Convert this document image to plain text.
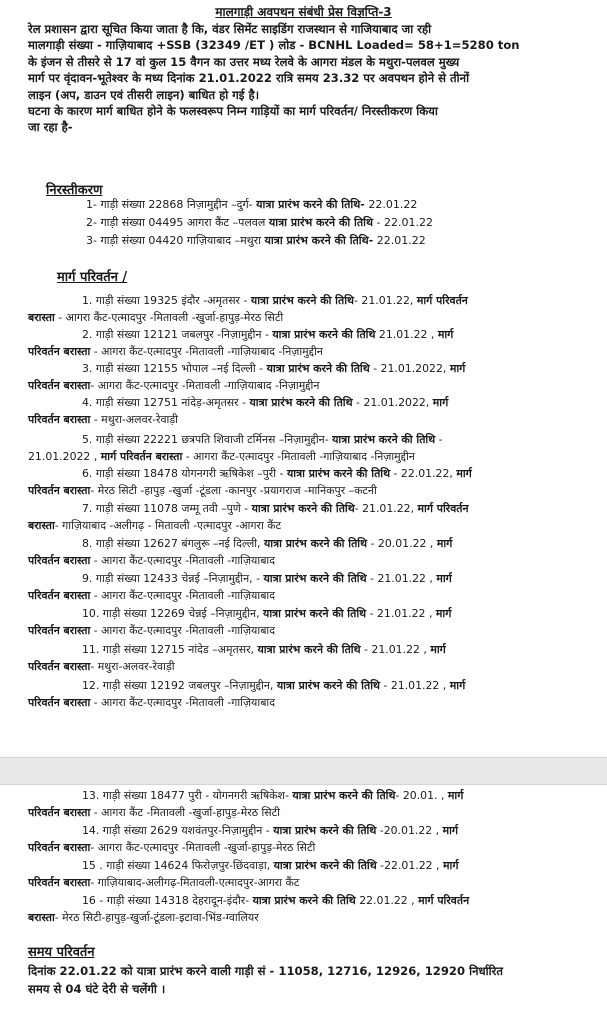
मालगाड़ी अवपथन संबंधी प्रेस विज्ञप्ति-3
रेल प्रशासन द्वारा सूचित किया जाता है कि, वंडर सिमेंट साइडिंग राजस्थान से गाजियाबाद जा रही
मालगाड़ी संख्या - गाज़ियाबाद +SSB (32349 /ET ) लोड - BCNHL Loaded= 58+1=5280 ton
के इंजन से तीसरे से 17 वां कुल 15 वैगन का उत्तर मध्य रेलवे के आगरा मंडल के मथुरा-पलवल मुख्य
मार्ग पर वृंदावन-भूतेश्वर के मध्य दिनांक 21.01.2022 रात्रि समय 23.32 पर अवपथन होने से तीनों
लाइन (अप, डाउन एवं तीसरी लाइन) बाधित हो गई है।
घटना के कारण मार्ग बाधित होने के फलस्वरूप निम्न गाड़ियों का मार्ग परिवर्तन/ निरस्तीकरण किया
जा रहा है-
निरस्तीकरण
1- गाड़ी संख्या 22868 निज़ामुद्दीन –दुर्ग- यात्रा प्रारंभ करने की तिथि- 22.01.22
2- गाड़ी संख्या 04495 आगरा कैंट –पलवल यात्रा प्रारंभ करने की तिथि - 22.01.22
3- गाड़ी संख्या 04420 गाज़ियाबाद –मथुरा यात्रा प्रारंभ करने की तिथि- 22.01.22
मार्ग परिवर्तन /
1. गाड़ी संख्या 19325 इंदौर -अमृतसर - यात्रा प्रारंभ करने की तिथि- 21.01.22, मार्ग परिवर्तन
बरास्ता - आगरा कैंट-एत्मादपुर -मितावली -खुर्जा-हापुड़-मेरठ सिटी
2. गाड़ी संख्या 12121 जबलपुर -निज़ामुद्दीन - यात्रा प्रारंभ करने की तिथि 21.01.22 , मार्ग
परिवर्तन बरास्ता - आगरा कैंट-एत्मादपुर -मितावली -गाज़ियाबाद -निज़ामुद्दीन
3. गाड़ी संख्या 12155 भोपाल –नई दिल्ली - यात्रा प्रारंभ करने की तिथि - 21.01.2022, मार्ग
परिवर्तन बरास्ता- आगरा कैंट-एत्मादपुर -मितावली -गाज़ियाबाद -निज़ामुद्दीन
4. गाड़ी संख्या 12751 नांदेड़-अमृतसर - यात्रा प्रारंभ करने की तिथि - 21.01.2022, मार्ग
परिवर्तन बरास्ता - मथुरा-अलवर-रेवाड़ी
5. गाड़ी संख्या 22221 छत्रपति शिवाजी टर्मिनस –निज़ामुद्दीन- यात्रा प्रारंभ करने की तिथि -
21.01.2022 , मार्ग परिवर्तन बरास्ता - आगरा कैंट-एत्मादपुर -मितावली -गाज़ियाबाद -निज़ामुद्दीन
6. गाड़ी संख्या 18478 योगनगरी ऋषिकेश –पुरी - यात्रा प्रारंभ करने की तिथि - 22.01.22, मार्ग
परिवर्तन बरास्ता- मेरठ सिटी -हापुड़ -खुर्जा -टूंडला -कानपुर -प्रयागराज -मानिकपुर –कटनी
7. गाड़ी संख्या 11078 जम्मू तवी –पुणे - यात्रा प्रारंभ करने की तिथि- 21.01.22, मार्ग परिवर्तन
बरास्ता- गाज़ियाबाद -अलीगढ़ - मितावली -एत्मादपुर -आगरा कैंट
8. गाड़ी संख्या 12627 बंगलुरू –नई दिल्ली, यात्रा प्रारंभ करने की तिथि - 20.01.22 , मार्ग
परिवर्तन बरास्ता - आगरा कैंट-एत्मादपुर -मितावली -गाज़ियाबाद
9. गाड़ी संख्या 12433 चेन्नई –निज़ामुद्दीन, - यात्रा प्रारंभ करने की तिथि - 21.01.22 , मार्ग
परिवर्तन बरास्ता - आगरा कैंट-एत्मादपुर -मितावली -गाज़ियाबाद
10. गाड़ी संख्या 12269 चेन्नई –निज़ामुद्दीन, यात्रा प्रारंभ करने की तिथि - 21.01.22 , मार्ग
परिवर्तन बरास्ता - आगरा कैंट-एत्मादपुर -मितावली -गाज़ियाबाद
11. गाड़ी संख्या 12715 नांदेड –अमृतसर, यात्रा प्रारंभ करने की तिथि - 21.01.22 , मार्ग
परिवर्तन बरास्ता- मथुरा-अलवर-रेवाड़ी
12. गाड़ी संख्या 12192 जबलपुर –निज़ामुद्दीन, यात्रा प्रारंभ करने की तिथि - 21.01.22 , मार्ग
परिवर्तन बरास्ता - आगरा कैंट-एत्मादपुर -मितावली -गाज़ियाबाद
13. गाड़ी संख्या 18477 पुरी - योगनगरी ऋषिकेश- यात्रा प्रारंभ करने की तिथि- 20.01. , मार्ग
परिवर्तन बरास्ता - आगरा कैंट -मितावली -खुर्जा-हापुड़-मेरठ सिटी
14. गाड़ी संख्या 2629 यशवंतपुर-निज़ामुद्दीन - यात्रा प्रारंभ करने की तिथि -20.01.22 , मार्ग
परिवर्तन बरास्ता- आगरा कैंट-एत्मादपुर -मितावली -खुर्जा-हापुड़-मेरठ सिटी
15 . गाड़ी संख्या 14624 फिरोज़पुर-छिंदवाड़ा, यात्रा प्रारंभ करने की तिथि -22.01.22 , मार्ग
परिवर्तन बरास्ता- गाज़ियाबाद-अलीगढ़-मितावली-एत्मादपुर-आगरा कैंट
16 - गाड़ी संख्या 14318 देहरादून-इंदौर- यात्रा प्रारंभ करने की तिथि 22.01.22 , मार्ग परिवर्तन
बरास्ता- मेरठ सिटी-हापुड़-खुर्जा-टूंडला-इटावा-भिंड-ग्वालियर
समय परिवर्तन
दिनांक 22.01.22 को यात्रा प्रारंभ करने वाली गाड़ी सं - 11058, 12716, 12926, 12920 निर्धारित
समय से 04 घंटे देरी से चलेंगी ।
